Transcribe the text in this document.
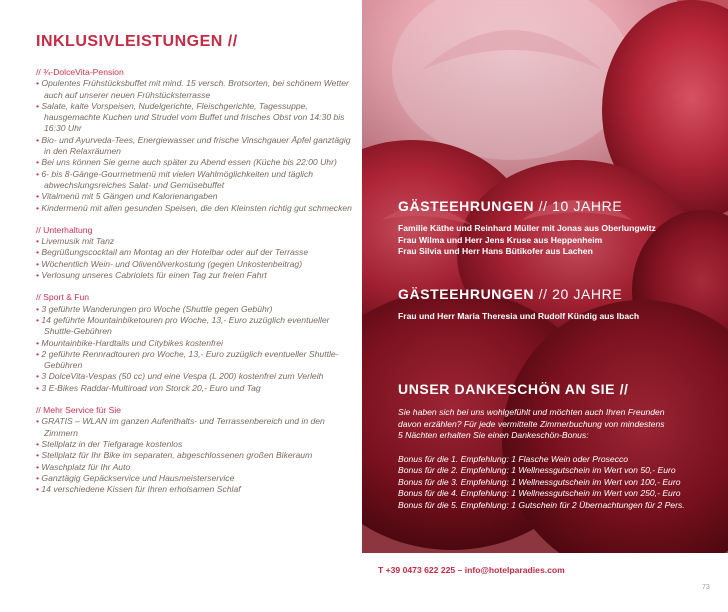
INKLUSIVLEISTUNGEN //
// ¾-DolceVita-Pension
• Opulentes Frühstücksbuffet mit mind. 15 versch. Brotsorten, bei schönem Wetter auch auf unserer neuen Frühstücksterrasse
• Salate, kalte Vorspeisen, Nudelgerichte, Fleischgerichte, Tagessuppe, hausgemachte Kuchen und Strudel vom Buffet und frisches Obst von 14:30 bis 16:30 Uhr
• Bio- und Ayurveda-Tees, Energiewasser und frische Vinschgauer Äpfel ganztägig in den Relaxräumen
• Bei uns können Sie gerne auch später zu Abend essen (Küche bis 22:00 Uhr)
• 6- bis 8-Gänge-Gourmetmenü mit vielen Wahlmöglichkeiten und täglich abwechslungsreiches Salat- und Gemüsebuffet
• Vitalmenü mit 5 Gängen und Kalorienangaben
• Kindermenü mit allen gesunden Speisen, die den Kleinsten richtig gut schmecken
// Unterhaltung
• Livemusik mit Tanz
• Begrüßungscocktail am Montag an der Hotelbar oder auf der Terrasse
• Wöchentlich Wein- und Olivenölverkostung (gegen Unkostenbeitrag)
• Verlosung unseres Cabriolets für einen Tag zur freien Fahrt
// Sport & Fun
• 3 geführte Wanderungen pro Woche (Shuttle gegen Gebühr)
• 14 geführte Mountainbiketouren pro Woche, 13,- Euro zuzüglich eventueller Shuttle-Gebühren
• Mountainbike-Hardtails und Citybikes kostenfrei
• 2 geführte Rennradtouren pro Woche, 13,- Euro zuzüglich eventueller Shuttle-Gebühren
• 3 DolceVita-Vespas (50 cc) und eine Vespa (L 200) kostenfrei zum Verleih
• 3 E-Bikes Raddar-Multiroad von Storck 20,- Euro und Tag
// Mehr Service für Sie
• GRATIS – WLAN im ganzen Aufenthalts- und Terrassenbereich und in den Zimmern
• Stellplatz in der Tiefgarage kostenlos
• Stellplatz für Ihr Bike im separaten, abgeschlossenen großen Bikeraum
• Waschplatz für Ihr Auto
• Ganztägig Gepäckservice und Hausmeisterservice
• 14 verschiedene Kissen für Ihren erholsamen Schlaf
GÄSTEEHRUNGEN // 10 JAHRE

Familie Käthe und Reinhard Müller mit Jonas aus Oberlungwitz

Frau Wilma und Herr Jens Kruse aus Heppenheim

Frau Silvia und Herr Hans Bütikofer aus Lachen

GÄSTEEHRUNGEN // 20 JAHRE

Frau und Herr Maria Theresia und Rudolf Kündig aus Ibach

UNSER DANKESCHÖN AN SIE //

Sie haben sich bei uns wohlgefühlt und möchten auch Ihren Freunden

davon erzählen? Für jede vermittelte Zimmerbuchung von mindestens

5 Nächten erhalten Sie einen Dankeschön-Bonus:

Bonus für die 1. Empfehlung: 1 Flasche Wein oder Prosecco

Bonus für die 2. Empfehlung: 1 Wellnessgutschein im Wert von 50,- Euro

Bonus für die 3. Empfehlung: 1 Wellnessgutschein im Wert von 100,- Euro

Bonus für die 4. Empfehlung: 1 Wellnessgutschein im Wert von 250,- Euro

Bonus für die 5. Empfehlung: 1 Gutschein für 2 Übernachtungen für 2 Pers.

T +39 0473 622 225 – info@hotelparadies.com
73
